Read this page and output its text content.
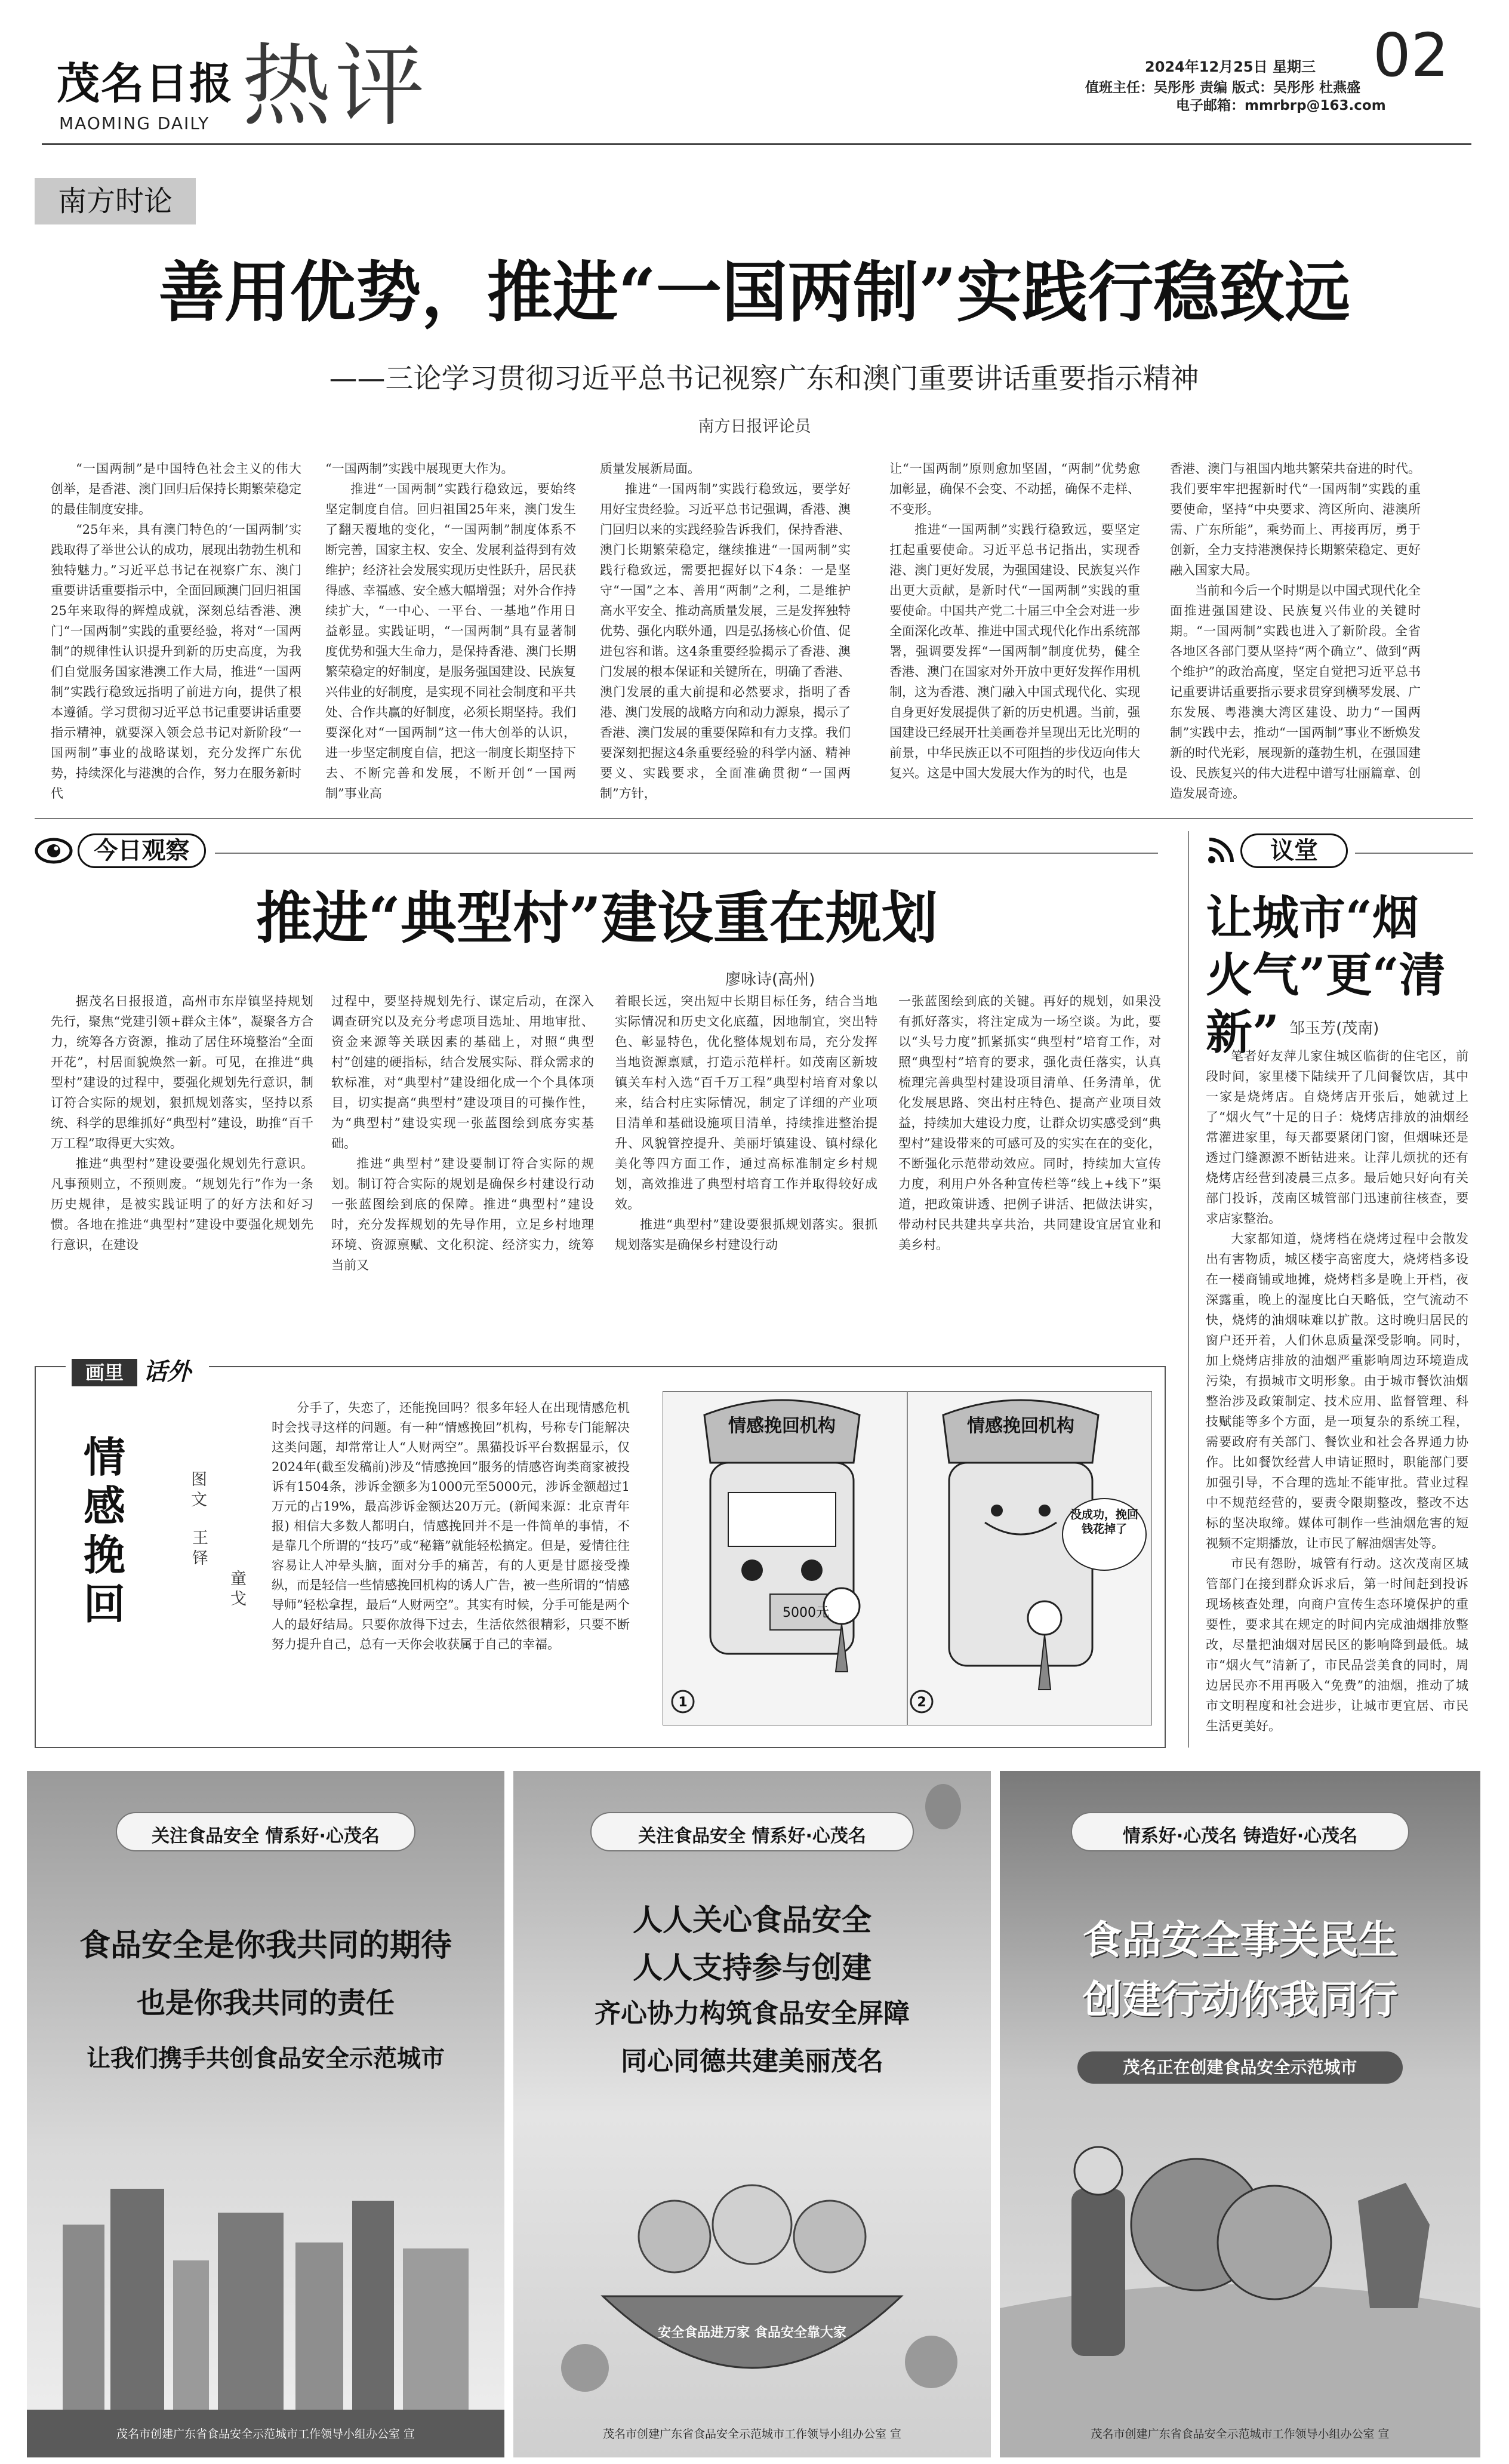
茂名日报
MAOMING DAILY 热评	2024年12月25日 星期三 02
值班主任：吴彤彤 责编 版式：吴彤彤 杜燕盛
电子邮箱：mmrbrp@163.com
南方时论
善用优势，推进“一国两制”实践行稳致远
——三论学习贯彻习近平总书记视察广东和澳门重要讲话重要指示精神
南方日报评论员

“一国两制”是中国特色社会主义的伟大创举，是香港、澳门回归后保持长期繁荣稳定的最佳制度安排。

“25年来，具有澳门特色的‘一国两制’实践取得了举世公认的成功，展现出勃勃生机和独特魅力。”习近平总书记在视察广东、澳门重要讲话重要指示中，全面回顾澳门回归祖国25年来取得的辉煌成就，深刻总结香港、澳门“一国两制”实践的重要经验，将对“一国两制”的规律性认识提升到新的历史高度，为我们自觉服务国家港澳工作大局，推进“一国两制”实践行稳致远指明了前进方向，提供了根本遵循。学习贯彻习近平总书记重要讲话重要指示精神，就要深入领会总书记对新阶段“一国两制”事业的战略谋划，充分发挥广东优势，持续深化与港澳的合作，努力在服务新时代

“一国两制”实践中展现更大作为。

推进“一国两制”实践行稳致远，要始终坚定制度自信。回归祖国25年来，澳门发生了翻天覆地的变化，“一国两制”制度体系不断完善，国家主权、安全、发展利益得到有效维护；经济社会发展实现历史性跃升，居民获得感、幸福感、安全感大幅增强；对外合作持续扩大，“一中心、一平台、一基地”作用日益彰显。实践证明，“一国两制”具有显著制度优势和强大生命力，是保持香港、澳门长期繁荣稳定的好制度，是服务强国建设、民族复兴伟业的好制度，是实现不同社会制度和平共处、合作共赢的好制度，必须长期坚持。我们要深化对“一国两制”这一伟大创举的认识，进一步坚定制度自信，把这一制度长期坚持下去、不断完善和发展，不断开创“一国两制”事业高

质量发展新局面。

推进“一国两制”实践行稳致远，要学好用好宝贵经验。习近平总书记强调，香港、澳门回归以来的实践经验告诉我们，保持香港、澳门长期繁荣稳定，继续推进“一国两制”实践行稳致远，需要把握好以下4条：一是坚守“一国”之本、善用“两制”之利，二是维护高水平安全、推动高质量发展，三是发挥独特优势、强化内联外通，四是弘扬核心价值、促进包容和谐。这4条重要经验揭示了香港、澳门发展的根本保证和关键所在，明确了香港、澳门发展的重大前提和必然要求，指明了香港、澳门发展的战略方向和动力源泉，揭示了香港、澳门发展的重要保障和有力支撑。我们要深刻把握这4条重要经验的科学内涵、精神要义、实践要求，全面准确贯彻“一国两制”方针，

让“一国两制”原则愈加坚固，“两制”优势愈加彰显，确保不会变、不动摇，确保不走样、不变形。

推进“一国两制”实践行稳致远，要坚定扛起重要使命。习近平总书记指出，实现香港、澳门更好发展，为强国建设、民族复兴作出更大贡献，是新时代“一国两制”实践的重要使命。中国共产党二十届三中全会对进一步全面深化改革、推进中国式现代化作出系统部署，强调要发挥“一国两制”制度优势，健全香港、澳门在国家对外开放中更好发挥作用机制，这为香港、澳门融入中国式现代化、实现自身更好发展提供了新的历史机遇。当前，强国建设已经展开壮美画卷并呈现出无比光明的前景，中华民族正以不可阻挡的步伐迈向伟大复兴。这是中国大发展大作为的时代，也是

香港、澳门与祖国内地共繁荣共奋进的时代。我们要牢牢把握新时代“一国两制”实践的重要使命，坚持“中央要求、湾区所向、港澳所需、广东所能”，乘势而上、再接再厉，勇于创新，全力支持港澳保持长期繁荣稳定、更好融入国家大局。

当前和今后一个时期是以中国式现代化全面推进强国建设、民族复兴伟业的关键时期。“一国两制”实践也进入了新阶段。全省各地区各部门要从坚持“两个确立”、做到“两个维护”的政治高度，坚定自觉把习近平总书记重要讲话重要指示要求贯穿到横琴发展、广东发展、粤港澳大湾区建设、助力“一国两制”实践中去，推动“一国两制”事业不断焕发新的时代光彩，展现新的蓬勃生机，在强国建设、民族复兴的伟大进程中谱写壮丽篇章、创造发展奇迹。

今日观察
推进“典型村”建设重在规划
廖咏诗(高州)

据茂名日报报道，高州市东岸镇坚持规划先行，聚焦“党建引领+群众主体”，凝聚各方合力，统筹各方资源，推动了居住环境整治“全面开花”，村居面貌焕然一新。可见，在推进“典型村”建设的过程中，要强化规划先行意识，制订符合实际的规划，狠抓规划落实，坚持以系统、科学的思维抓好“典型村”建设，助推“百千万工程”取得更大实效。

推进“典型村”建设要强化规划先行意识。凡事预则立，不预则废。“规划先行”作为一条历史规律，是被实践证明了的好方法和好习惯。各地在推进“典型村”建设中要强化规划先行意识，在建设

过程中，要坚持规划先行、谋定后动，在深入调查研究以及充分考虑项目选址、用地审批、资金来源等关联因素的基础上，对照“典型村”创建的硬指标，结合发展实际、群众需求的软标准，对“典型村”建设细化成一个个具体项目，切实提高“典型村”建设项目的可操作性，为“典型村”建设实现一张蓝图绘到底夯实基础。

推进“典型村”建设要制订符合实际的规划。制订符合实际的规划是确保乡村建设行动一张蓝图绘到底的保障。推进“典型村”建设时，充分发挥规划的先导作用，立足乡村地理环境、资源禀赋、文化积淀、经济实力，统筹当前又

着眼长远，突出短中长期目标任务，结合当地实际情况和历史文化底蕴，因地制宜，突出特色、彰显特色，优化整体规划布局，充分发挥当地资源禀赋，打造示范样杆。如茂南区新坡镇关车村入选“百千万工程”典型村培育对象以来，结合村庄实际情况，制定了详细的产业项目清单和基础设施项目清单，持续推进整治提升、风貌管控提升、美丽圩镇建设、镇村绿化美化等四方面工作，通过高标准制定乡村规划，高效推进了典型村培育工作并取得较好成效。

推进“典型村”建设要狠抓规划落实。狠抓规划落实是确保乡村建设行动

一张蓝图绘到底的关键。再好的规划，如果没有抓好落实，将注定成为一场空谈。为此，要以“头号力度”抓紧抓实“典型村”培育工作，对照“典型村”培育的要求，强化责任落实，认真梳理完善典型村建设项目清单、任务清单，优化发展思路、突出村庄特色、提高产业项目效益，持续加大建设力度，让群众切实感受到“典型村”建设带来的可感可及的实实在在的变化，不断强化示范带动效应。同时，持续加大宣传力度，利用户外各种宣传栏等“线上+线下”渠道，把政策讲透、把例子讲活、把做法讲实，带动村民共建共享共治，共同建设宜居宜业和美乡村。

议堂
让城市“烟火气”更“清新” 邹玉芳(茂南)

笔者好友萍儿家住城区临街的住宅区，前段时间，家里楼下陆续开了几间餐饮店，其中一家是烧烤店。自烧烤店开张后，她就过上了“烟火气”十足的日子：烧烤店排放的油烟经常灌进家里，每天都要紧闭门窗，但烟味还是透过门缝源源不断钻进来。让萍儿烦扰的还有烧烤店经营到凌晨三点多。最后她只好向有关部门投诉，茂南区城管部门迅速前往核查，要求店家整治。

大家都知道，烧烤档在烧烤过程中会散发出有害物质，城区楼宇高密度大，烧烤档多设在一楼商铺或地摊，烧烤档多是晚上开档，夜深露重，晚上的湿度比白天略低，空气流动不快，烧烤的油烟味难以扩散。这时晚归居民的窗户还开着，人们休息质量深受影响。同时，加上烧烤店排放的油烟严重影响周边环境造成污染，有损城市文明形象。由于城市餐饮油烟整治涉及政策制定、技术应用、监督管理、科技赋能等多个方面，是一项复杂的系统工程，需要政府有关部门、餐饮业和社会各界通力协作。比如餐饮经营人申请证照时，职能部门要加强引导，不合理的选址不能审批。营业过程中不规范经营的，要责令限期整改，整改不达标的坚决取缔。媒体可制作一些油烟危害的短视频不定期播放，让市民了解油烟害处等。

市民有怨盼，城管有行动。这次茂南区城管部门在接到群众诉求后，第一时间赶到投诉现场核查处理，向商户宣传生态环境保护的重要性，要求其在规定的时间内完成油烟排放整改，尽量把油烟对居民区的影响降到最低。城市“烟火气”清新了，市民品尝美食的同时，周边居民亦不用再吸入“免费”的油烟，推动了城市文明程度和社会进步，让城市更宜居、市民生活更美好。

画里 话外
情感挽回
图文
王铎
童戈

分手了，失恋了，还能挽回吗？很多年轻人在出现情感危机时会找寻这样的问题。有一种“情感挽回”机构，号称专门能解决这类问题，却常常让人“人财两空”。黑猫投诉平台数据显示，仅2024年(截至发稿前)涉及“情感挽回”服务的情感咨询类商家被投诉有1504条，涉诉金额多为1000元至5000元，涉诉金额超过1万元的占19%，最高涉诉金额达20万元。(新闻来源：北京青年报) 相信大多数人都明白，情感挽回并不是一件简单的事情，不是靠几个所谓的“技巧”或“秘籍”就能轻松搞定。但是，爱情往往容易让人冲晕头脑，面对分手的痛苦，有的人更是甘愿接受操纵，而是轻信一些情感挽回机构的诱人广告，被一些所谓的“情感导师”轻松拿捏，最后“人财两空”。其实有时候，分手可能是两个人的最好结局。只要你放得下过去，生活依然很精彩，只要不断努力提升自己，总有一天你会收获属于自己的幸福。

情感挽回机构
5000元
1
情感挽回机构
没成功，挽回钱花掉了
2
关注食品安全 情系好·心茂名
食品安全是你我共同的期待
也是你我共同的责任
让我们携手共创食品安全示范城市
茂名市创建广东省食品安全示范城市工作领导小组办公室 宣
关注食品安全 情系好·心茂名
人人关心食品安全
人人支持参与创建
齐心协力构筑食品安全屏障
同心同德共建美丽茂名
安全食品进万家 食品安全靠大家
茂名市创建广东省食品安全示范城市工作领导小组办公室 宣
情系好·心茂名 铸造好·心茂名
食品安全事关民生
创建行动你我同行
茂名正在创建食品安全示范城市
茂名市创建广东省食品安全示范城市工作领导小组办公室 宣
